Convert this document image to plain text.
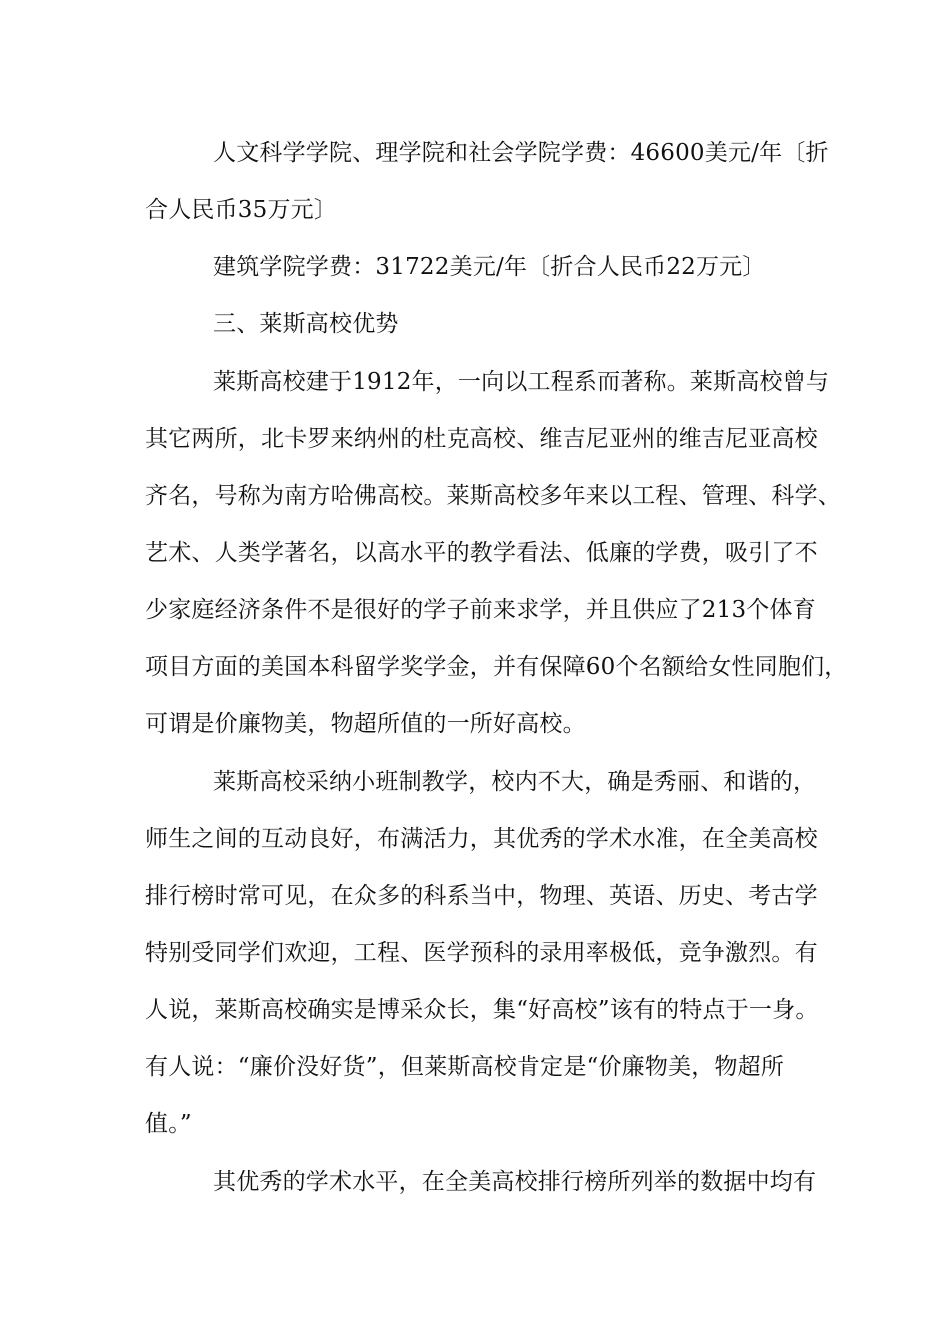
人文科学学院、理学院和社会学院学费：46600美元/年〔折
合人民币35万元〕
建筑学院学费：31722美元/年〔折合人民币22万元〕
三、莱斯高校优势
莱斯高校建于1912年，一向以工程系而著称。莱斯高校曾与
其它两所，北卡罗来纳州的杜克高校、维吉尼亚州的维吉尼亚高校
齐名，号称为南方哈佛高校。莱斯高校多年来以工程、管理、科学、
艺术、人类学著名，以高水平的教学看法、低廉的学费，吸引了不
少家庭经济条件不是很好的学子前来求学，并且供应了213个体育
项目方面的美国本科留学奖学金，并有保障60个名额给女性同胞们，
可谓是价廉物美，物超所值的一所好高校。
莱斯高校采纳小班制教学，校内不大，确是秀丽、和谐的，
师生之间的互动良好，布满活力，其优秀的学术水准，在全美高校
排行榜时常可见，在众多的科系当中，物理、英语、历史、考古学
特别受同学们欢迎，工程、医学预科的录用率极低，竞争激烈。有
人说，莱斯高校确实是博采众长，集“好高校”该有的特点于一身。
有人说：“廉价没好货”，但莱斯高校肯定是“价廉物美，物超所
值。”
其优秀的学术水平，在全美高校排行榜所列举的数据中均有
